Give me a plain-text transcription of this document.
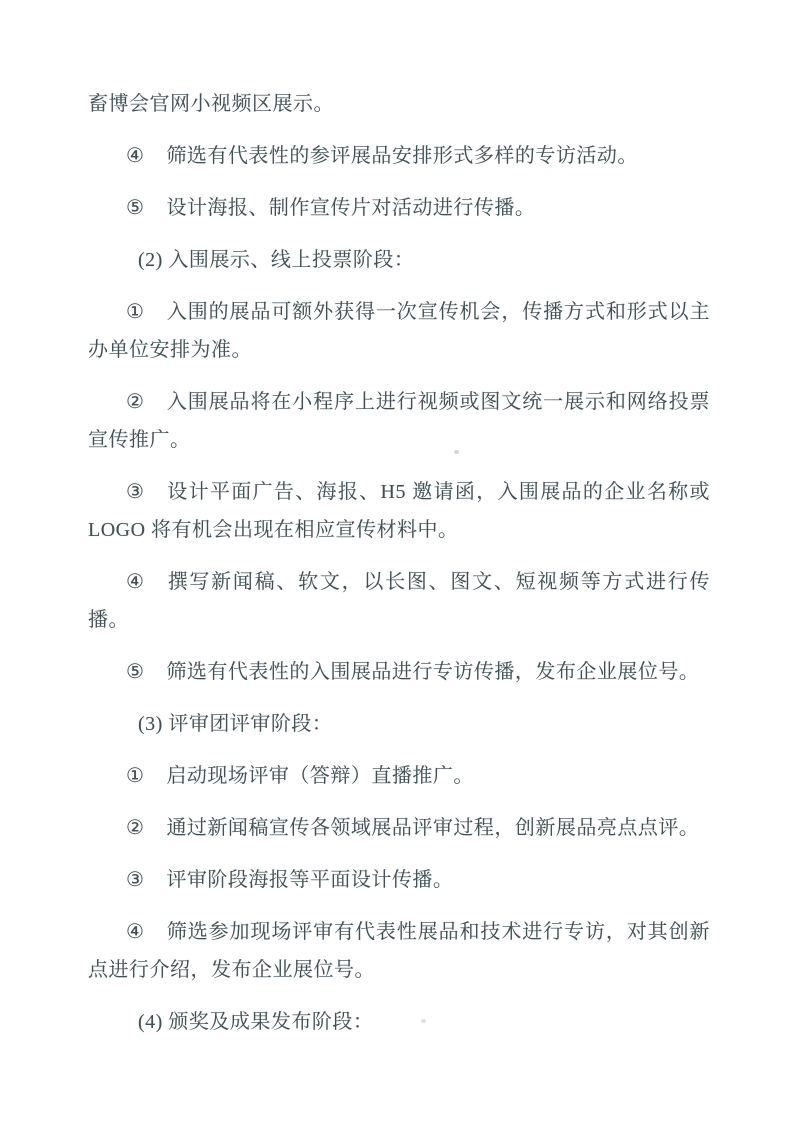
畜博会官网小视频区展示。

④ 筛选有代表性的参评展品安排形式多样的专访活动。

⑤ 设计海报、制作宣传片对活动进行传播。

(2) 入围展示、线上投票阶段：

① 入围的展品可额外获得一次宣传机会，传播方式和形式以主办单位安排为准。

② 入围展品将在小程序上进行视频或图文统一展示和网络投票宣传推广。

③ 设计平面广告、海报、H5 邀请函，入围展品的企业名称或 LOGO 将有机会出现在相应宣传材料中。

④ 撰写新闻稿、软文，以长图、图文、短视频等方式进行传播。

⑤ 筛选有代表性的入围展品进行专访传播，发布企业展位号。

(3) 评审团评审阶段：

① 启动现场评审（答辩）直播推广。

② 通过新闻稿宣传各领域展品评审过程，创新展品亮点点评。

③ 评审阶段海报等平面设计传播。

④ 筛选参加现场评审有代表性展品和技术进行专访，对其创新点进行介绍，发布企业展位号。

(4) 颁奖及成果发布阶段：
